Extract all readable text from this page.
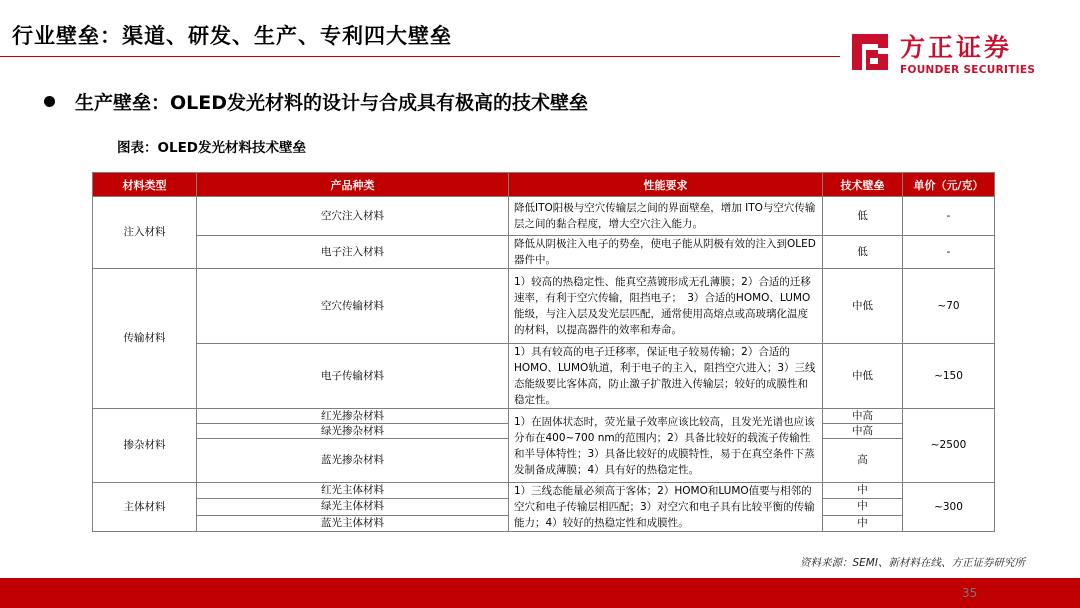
行业壁垒：渠道、研发、生产、专利四大壁垒	方正证券
FOUNDER SECURITIES
生产壁垒：OLED发光材料的设计与合成具有极高的技术壁垒
图表：OLED发光材料技术壁垒
材料类型	产品种类	性能要求	技术壁垒	单价（元/克）
注入材料	空穴注入材料	降低ITO阳极与空穴传输层之间的界面壁垒，增加 ITO与空穴传输层之间的黏合程度，增大空穴注入能力。	低	-
	电子注入材料	降低从阴极注入电子的势垒，使电子能从阴极有效的注入到OLED器件中。	低	-
传输材料	空穴传输材料	1）较高的热稳定性、能真空蒸镀形成无孔薄膜；2）合适的迁移速率，有利于空穴传输，阻挡电子；　3）合适的HOMO、LUMO能级，与注入层及发光层匹配，通常使用高熔点或高玻璃化温度的材料，以提高器件的效率和寿命。	中低	~70
	电子传输材料	1）具有较高的电子迁移率，保证电子较易传输；2）合适的HOMO、LUMO轨道，利于电子的主入，阻挡空穴进入；3）三线态能级要比客体高，防止激子扩散进入传输层；较好的成膜性和稳定性。	中低	~150
掺杂材料	红光掺杂材料	1）在固体状态时，荧光量子效率应该比较高，且发光光谱也应该分布在400~700 nm的范围内；2）具备比较好的载流子传输性和半导体特性；3）具备比较好的成膜特性，易于在真空条件下蒸发制备成薄膜；4）具有好的热稳定性。	中高	~2500
	绿光掺杂材料		中高	
	蓝光掺杂材料		高	
主体材料	红光主体材料	1）三线态能量必须高于客体；2）HOMO和LUMO值要与相邻的空穴和电子传输层相匹配；3）对空穴和电子具有比较平衡的传输能力；4）较好的热稳定性和成膜性。	中	~300
	绿光主体材料		中	
	蓝光主体材料		中	
资料来源：SEMI、新材料在线、方正证券研究所
35
